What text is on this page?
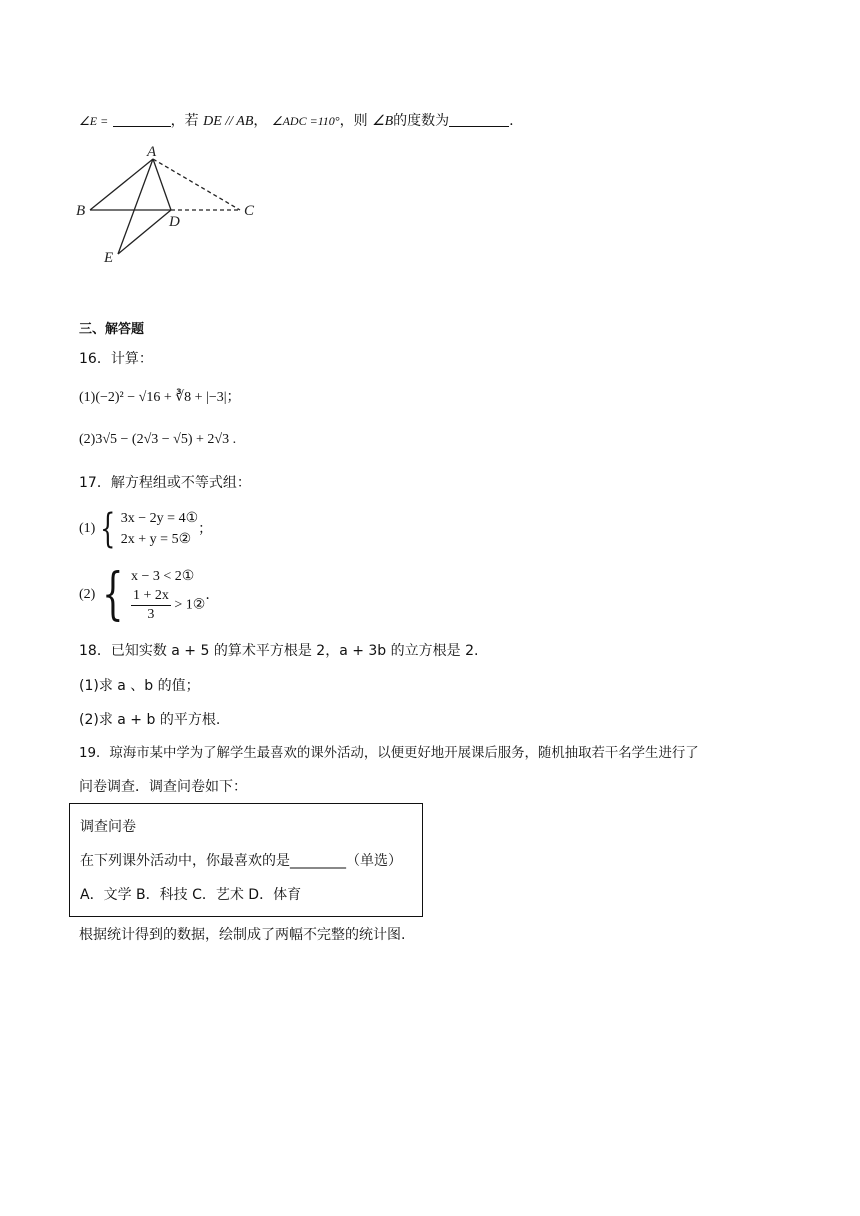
∠E =	，若 DE // AB， ∠ADC =110°，则 ∠B的度数为	.
A
B	C
D
E
三、解答题
16．计算：
(1)(−2)² − √16 + ∛8 + |−3|；
(2)3√5 − (2√3 − √5) + 2√3 .
17．解方程组或不等式组：
(1) { 3x − 2y = 4①
2x + y = 5②
；
(2) { x − 3 < 2①
$\frac{1 + 2x}{3}$ > 1②
.
18．已知实数 a + 5 的算术平方根是 2，a + 3b 的立方根是 2.
(1)求 a 、b 的值；
(2)求 a + b 的平方根.
19．琼海市某中学为了解学生最喜欢的课外活动，以便更好地开展课后服务，随机抽取若干名学生进行了
问卷调查．调查问卷如下：
调查问卷
在下列课外活动中，你最喜欢的是________（单选）
A．文学 B．科技 C．艺术 D．体育
根据统计得到的数据，绘制成了两幅不完整的统计图.
